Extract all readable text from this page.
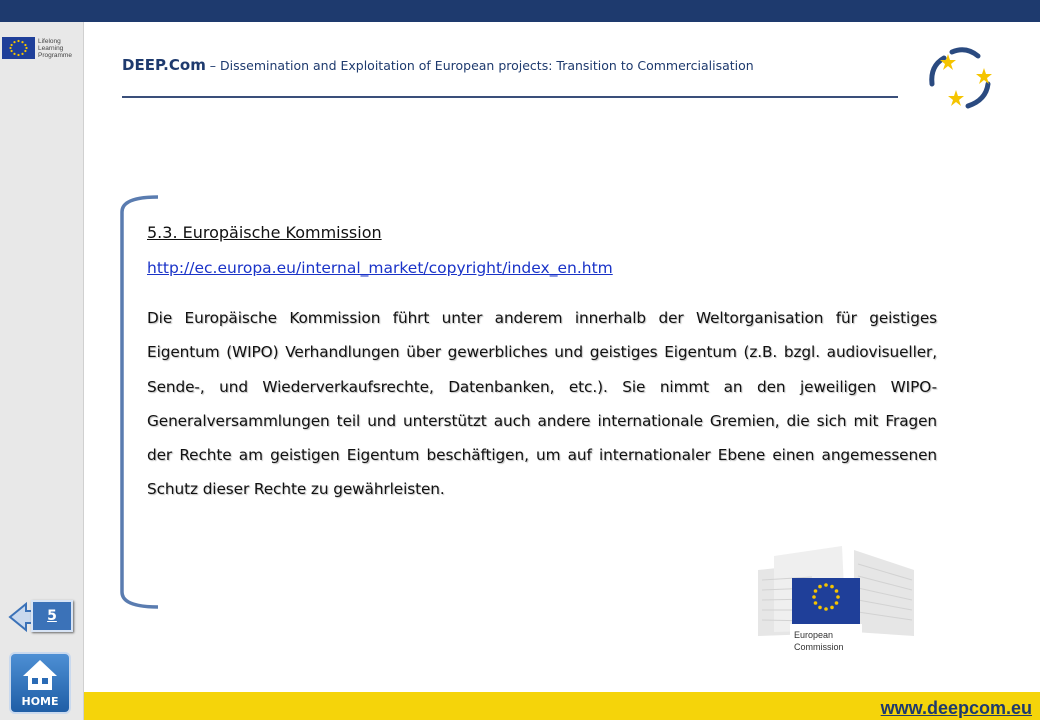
Lifelong
Learning
Programme
DEEP.Com – Dissemination and Exploitation of European projects: Transition to Commercialisation
5.3. Europäische Kommission
http://ec.europa.eu/internal_market/copyright/index_en.htm

Die Europäische Kommission führt unter anderem innerhalb der Weltorganisation für geistiges Eigentum (WIPO) Verhandlungen über gewerbliches und geistiges Eigentum (z.B. bzgl. audiovisueller, Sende-, und Wiederverkaufsrechte, Datenbanken, etc.). Sie nimmt an den jeweiligen WIPO-Generalversammlungen teil und unterstützt auch andere internationale Gremien, die sich mit Fragen der Rechte am geistigen Eigentum beschäftigen, um auf internationaler Ebene einen angemessenen Schutz dieser Rechte zu gewährleisten.

European
Commission
5
HOME	www.deepcom.eu
